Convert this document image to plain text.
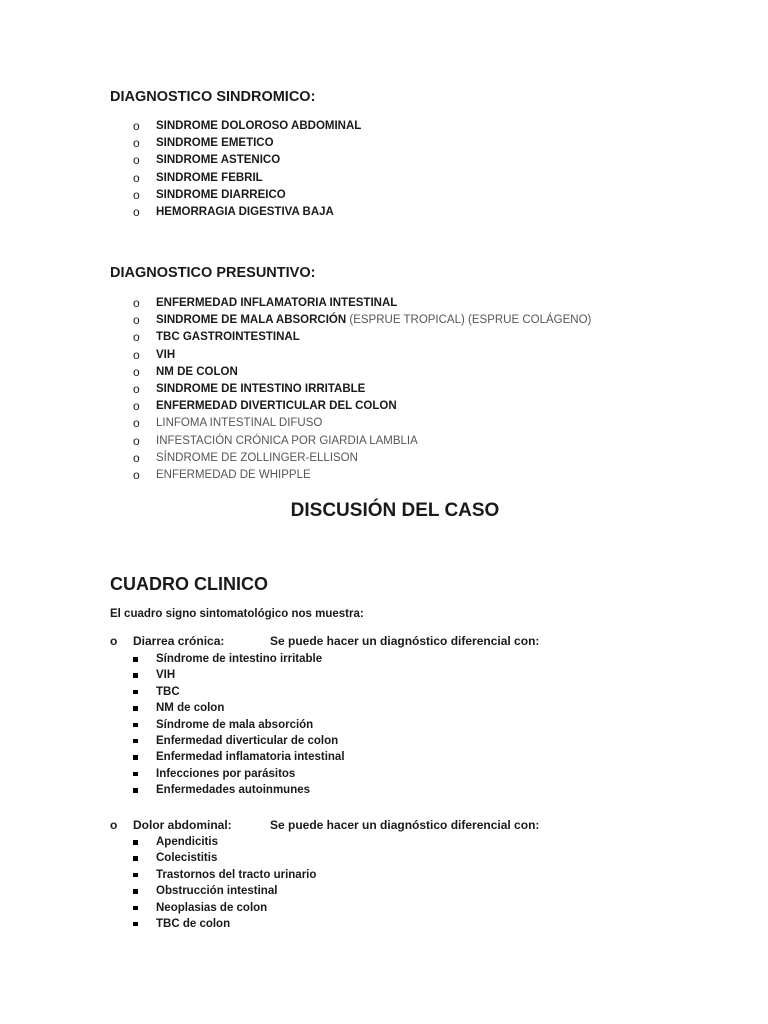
DIAGNOSTICO SINDROMICO:
o SINDROME DOLOROSO ABDOMINAL
o SINDROME EMETICO
o SINDROME ASTENICO
o SINDROME FEBRIL
o SINDROME DIARREICO
o HEMORRAGIA DIGESTIVA BAJA
DIAGNOSTICO PRESUNTIVO:
o ENFERMEDAD INFLAMATORIA INTESTINAL
o SINDROME DE MALA ABSORCIÓN (ESPRUE TROPICAL) (ESPRUE COLÁGENO)
o TBC GASTROINTESTINAL
o VIH
o NM DE COLON
o SINDROME DE INTESTINO IRRITABLE
o ENFERMEDAD DIVERTICULAR DEL COLON
o LINFOMA INTESTINAL DIFUSO
o INFESTACIÓN CRÓNICA POR GIARDIA LAMBLIA
o SÍNDROME DE ZOLLINGER-ELLISON
o ENFERMEDAD DE WHIPPLE
DISCUSIÓN DEL CASO
CUADRO CLINICO

El cuadro signo sintomatológico nos muestra:

o Diarrea crónica:	Se puede hacer un diagnóstico diferencial con:
Síndrome de intestino irritable
VIH
TBC
NM de colon
Síndrome de mala absorción
Enfermedad diverticular de colon
Enfermedad inflamatoria intestinal
Infecciones por parásitos
Enfermedades autoinmunes
o Dolor abdominal:	Se puede hacer un diagnóstico diferencial con:
Apendicitis
Colecistitis
Trastornos del tracto urinario
Obstrucción intestinal
Neoplasias de colon
TBC de colon
